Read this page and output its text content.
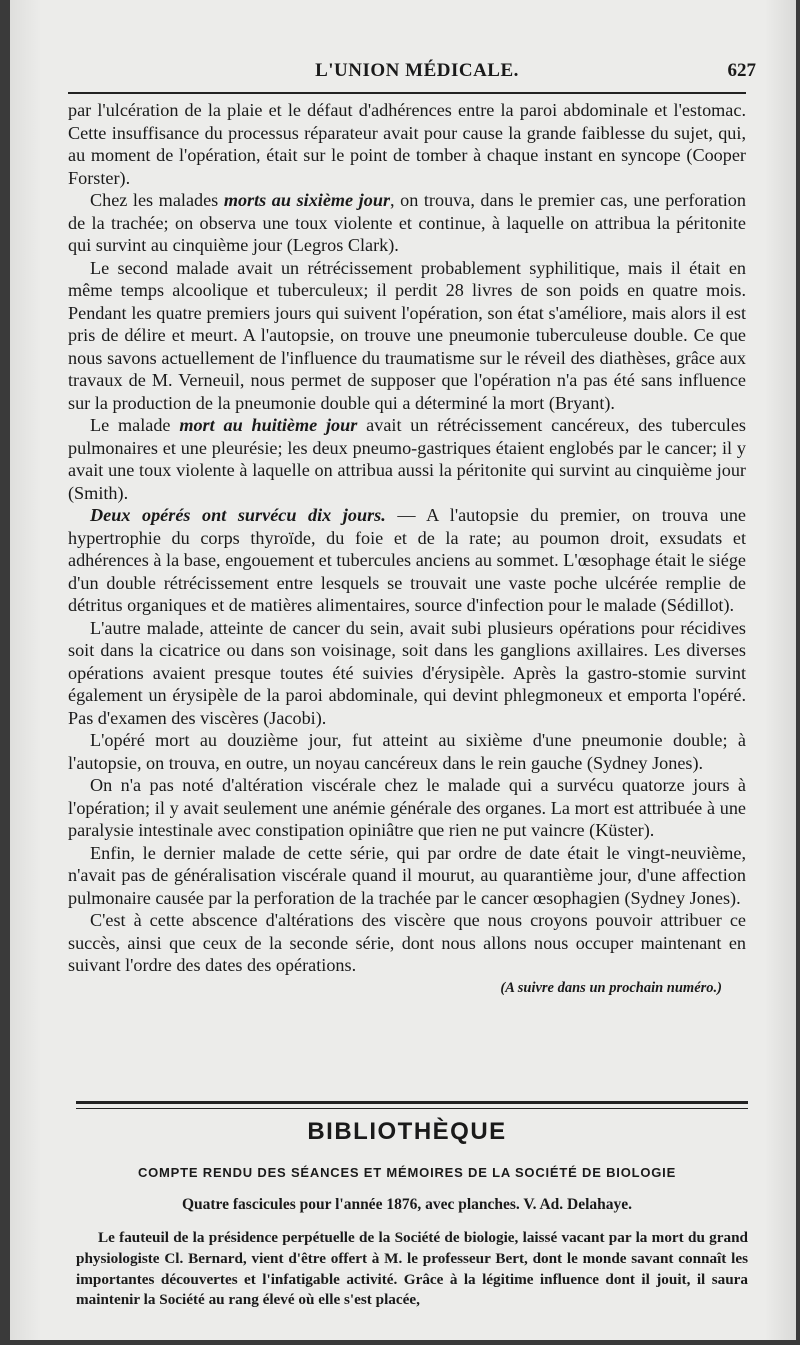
L'UNION MÉDICALE.	627

par l'ulcération de la plaie et le défaut d'adhérences entre la paroi abdominale et l'estomac. Cette insuffisance du processus réparateur avait pour cause la grande faiblesse du sujet, qui, au moment de l'opération, était sur le point de tomber à chaque instant en syncope (Cooper Forster).

Chez les malades morts au sixième jour, on trouva, dans le premier cas, une perforation de la trachée; on observa une toux violente et continue, à laquelle on attribua la péritonite qui survint au cinquième jour (Legros Clark).

Le second malade avait un rétrécissement probablement syphilitique, mais il était en même temps alcoolique et tuberculeux; il perdit 28 livres de son poids en quatre mois. Pendant les quatre premiers jours qui suivent l'opération, son état s'améliore, mais alors il est pris de délire et meurt. A l'autopsie, on trouve une pneumonie tuberculeuse double. Ce que nous savons actuellement de l'influence du traumatisme sur le réveil des diathèses, grâce aux travaux de M. Verneuil, nous permet de supposer que l'opération n'a pas été sans influence sur la production de la pneumonie double qui a déterminé la mort (Bryant).

Le malade mort au huitième jour avait un rétrécissement cancéreux, des tubercules pulmonaires et une pleurésie; les deux pneumo-gastriques étaient englobés par le cancer; il y avait une toux violente à laquelle on attribua aussi la péritonite qui survint au cinquième jour (Smith).

Deux opérés ont survécu dix jours. — A l'autopsie du premier, on trouva une hypertrophie du corps thyroïde, du foie et de la rate; au poumon droit, exsudats et adhérences à la base, engouement et tubercules anciens au sommet. L'œsophage était le siége d'un double rétrécissement entre lesquels se trouvait une vaste poche ulcérée remplie de détritus organiques et de matières alimentaires, source d'infection pour le malade (Sédillot).

L'autre malade, atteinte de cancer du sein, avait subi plusieurs opérations pour récidives soit dans la cicatrice ou dans son voisinage, soit dans les ganglions axillaires. Les diverses opérations avaient presque toutes été suivies d'érysipèle. Après la gastro-stomie survint également un érysipèle de la paroi abdominale, qui devint phlegmoneux et emporta l'opéré. Pas d'examen des viscères (Jacobi).

L'opéré mort au douzième jour, fut atteint au sixième d'une pneumonie double; à l'autopsie, on trouva, en outre, un noyau cancéreux dans le rein gauche (Sydney Jones).

On n'a pas noté d'altération viscérale chez le malade qui a survécu quatorze jours à l'opération; il y avait seulement une anémie générale des organes. La mort est attribuée à une paralysie intestinale avec constipation opiniâtre que rien ne put vaincre (Küster).

Enfin, le dernier malade de cette série, qui par ordre de date était le vingt-neuvième, n'avait pas de généralisation viscérale quand il mourut, au quarantième jour, d'une affection pulmonaire causée par la perforation de la trachée par le cancer œsophagien (Sydney Jones).

C'est à cette abscence d'altérations des viscère que nous croyons pouvoir attribuer ce succès, ainsi que ceux de la seconde série, dont nous allons nous occuper maintenant en suivant l'ordre des dates des opérations.

(A suivre dans un prochain numéro.)
BIBLIOTHÈQUE
COMPTE RENDU DES SÉANCES ET MÉMOIRES DE LA SOCIÉTÉ DE BIOLOGIE
Quatre fascicules pour l'année 1876, avec planches. V. Ad. Delahaye.

Le fauteuil de la présidence perpétuelle de la Société de biologie, laissé vacant par la mort du grand physiologiste Cl. Bernard, vient d'être offert à M. le professeur Bert, dont le monde savant connaît les importantes découvertes et l'infatigable activité. Grâce à la légitime influence dont il jouit, il saura maintenir la Société au rang élevé où elle s'est placée,
